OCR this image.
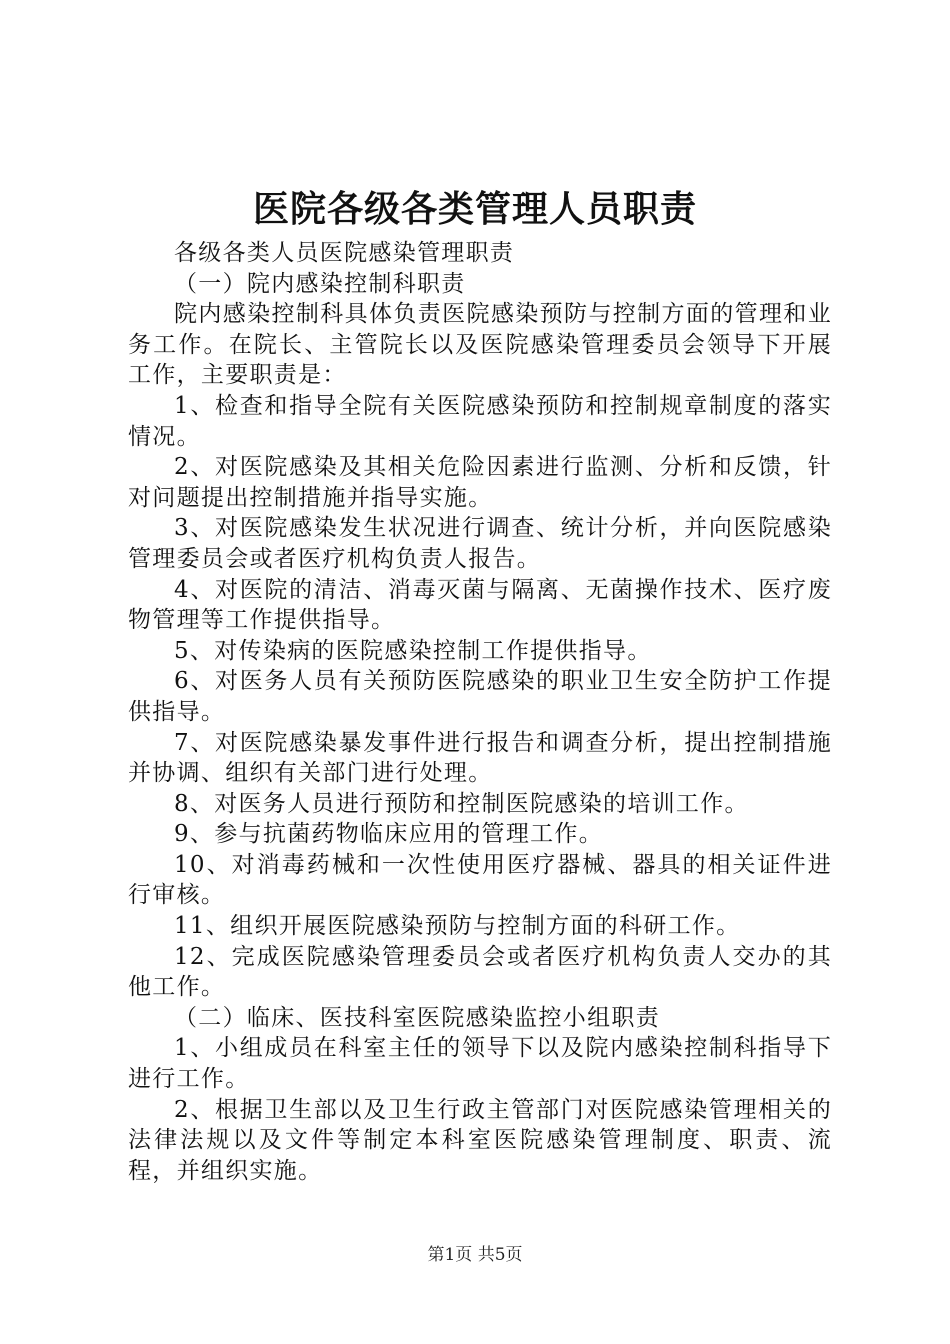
医院各级各类管理人员职责

各级各类人员医院感染管理职责

（一）院内感染控制科职责

院内感染控制科具体负责医院感染预防与控制方面的管理和业务工作。在院长、主管院长以及医院感染管理委员会领导下开展工作，主要职责是：

1、检查和指导全院有关医院感染预防和控制规章制度的落实情况。

2、对医院感染及其相关危险因素进行监测、分析和反馈，针对问题提出控制措施并指导实施。

3、对医院感染发生状况进行调查、统计分析，并向医院感染管理委员会或者医疗机构负责人报告。

4、对医院的清洁、消毒灭菌与隔离、无菌操作技术、医疗废物管理等工作提供指导。

5、对传染病的医院感染控制工作提供指导。

6、对医务人员有关预防医院感染的职业卫生安全防护工作提供指导。

7、对医院感染暴发事件进行报告和调查分析，提出控制措施并协调、组织有关部门进行处理。

8、对医务人员进行预防和控制医院感染的培训工作。

9、参与抗菌药物临床应用的管理工作。

10、对消毒药械和一次性使用医疗器械、器具的相关证件进行审核。

11、组织开展医院感染预防与控制方面的科研工作。

12、完成医院感染管理委员会或者医疗机构负责人交办的其他工作。

（二）临床、医技科室医院感染监控小组职责

1、小组成员在科室主任的领导下以及院内感染控制科指导下进行工作。

2、根据卫生部以及卫生行政主管部门对医院感染管理相关的法律法规以及文件等制定本科室医院感染管理制度、职责、流程，并组织实施。

第1页 共5页
